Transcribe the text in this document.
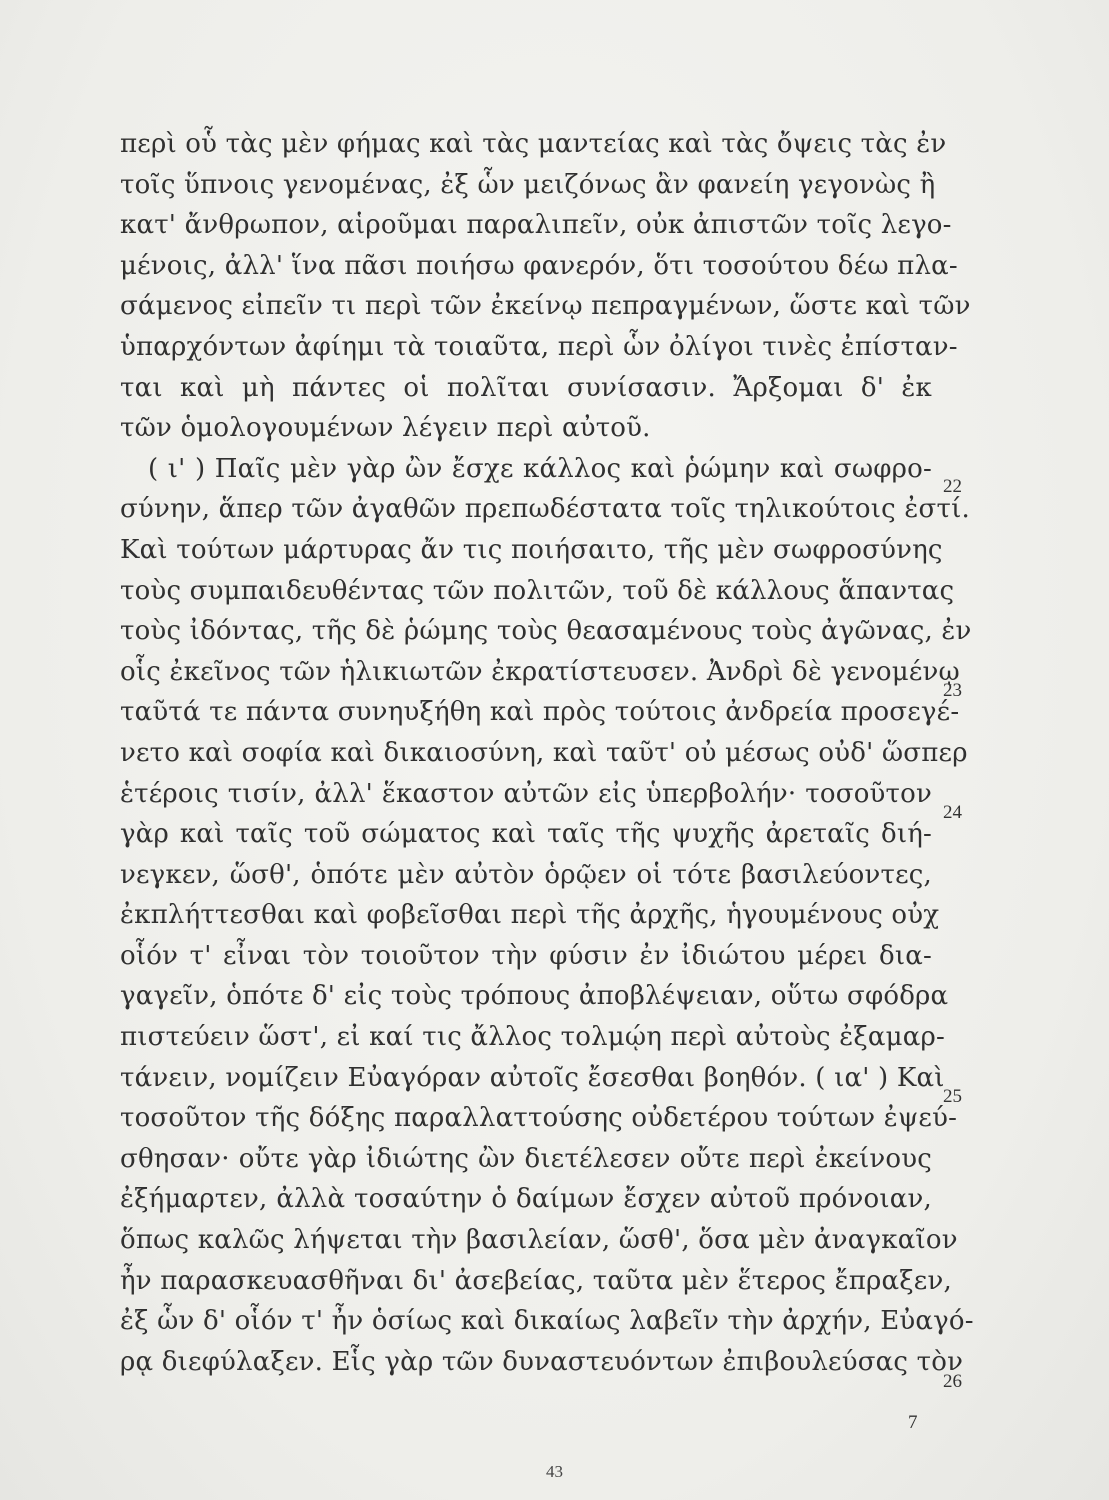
περὶ οὗ τὰς μὲν φήμας καὶ τὰς μαντείας καὶ τὰς ὄψεις τὰς ἐν
τοῖς ὕπνοις γενομένας, ἐξ ὧν μειζόνως ἂν φανείη γεγονὼς ἢ
κατ' ἄνθρωπον, αἱροῦμαι παραλιπεῖν, οὐκ ἀπιστῶν τοῖς λεγο-
μένοις, ἀλλ' ἵνα πᾶσι ποιήσω φανερόν, ὅτι τοσούτου δέω πλα-
σάμενος εἰπεῖν τι περὶ τῶν ἐκείνῳ πεπραγμένων, ὥστε καὶ τῶν
ὑπαρχόντων ἀφίημι τὰ τοιαῦτα, περὶ ὧν ὀλίγοι τινὲς ἐπίσταν-
ται καὶ μὴ πάντες οἱ πολῖται συνίσασιν. Ἄρξομαι δ' ἐκ
τῶν ὁμολογουμένων λέγειν περὶ αὐτοῦ.
( ι' ) Παῖς μὲν γὰρ ὢν ἔσχε κάλλος καὶ ῥώμην καὶ σωφρο-
σύνην, ἅπερ τῶν ἀγαθῶν πρεπωδέστατα τοῖς τηλικούτοις ἐστί.
Καὶ τούτων μάρτυρας ἄν τις ποιήσαιτο, τῆς μὲν σωφροσύνης
τοὺς συμπαιδευθέντας τῶν πολιτῶν, τοῦ δὲ κάλλους ἅπαντας
τοὺς ἰδόντας, τῆς δὲ ῥώμης τοὺς θεασαμένους τοὺς ἀγῶνας, ἐν
οἷς ἐκεῖνος τῶν ἡλικιωτῶν ἐκρατίστευσεν. Ἀνδρὶ δὲ γενομένῳ
ταῦτά τε πάντα συνηυξήθη καὶ πρὸς τούτοις ἀνδρεία προσεγέ-
νετο καὶ σοφία καὶ δικαιοσύνη, καὶ ταῦτ' οὐ μέσως οὐδ' ὥσπερ
ἑτέροις τισίν, ἀλλ' ἕκαστον αὐτῶν εἰς ὑπερβολήν· τοσοῦτον
γὰρ καὶ ταῖς τοῦ σώματος καὶ ταῖς τῆς ψυχῆς ἀρεταῖς διή-
νεγκεν, ὥσθ', ὁπότε μὲν αὐτὸν ὁρῷεν οἱ τότε βασιλεύοντες,
ἐκπλήττεσθαι καὶ φοβεῖσθαι περὶ τῆς ἀρχῆς, ἡγουμένους οὐχ
οἷόν τ' εἶναι τὸν τοιοῦτον τὴν φύσιν ἐν ἰδιώτου μέρει δια-
γαγεῖν, ὁπότε δ' εἰς τοὺς τρόπους ἀποβλέψειαν, οὕτω σφόδρα
πιστεύειν ὥστ', εἰ καί τις ἄλλος τολμῴη περὶ αὐτοὺς ἐξαμαρ-
τάνειν, νομίζειν Εὐαγόραν αὐτοῖς ἔσεσθαι βοηθόν. ( ια' ) Καὶ
τοσοῦτον τῆς δόξης παραλλαττούσης οὐδετέρου τούτων ἐψεύ-
σθησαν· οὔτε γὰρ ἰδιώτης ὢν διετέλεσεν οὔτε περὶ ἐκείνους
ἐξήμαρτεν, ἀλλὰ τοσαύτην ὁ δαίμων ἔσχεν αὐτοῦ πρόνοιαν,
ὅπως καλῶς λήψεται τὴν βασιλείαν, ὥσθ', ὅσα μὲν ἀναγκαῖον
ἦν παρασκευασθῆναι δι' ἀσεβείας, ταῦτα μὲν ἕτερος ἔπραξεν,
ἐξ ὧν δ' οἷόν τ' ἦν ὁσίως καὶ δικαίως λαβεῖν τὴν ἀρχήν, Εὐαγό-
ρᾳ διεφύλαξεν. Εἷς γὰρ τῶν δυναστευόντων ἐπιβουλεύσας τὸν
22
23
24
25
26
7
43
